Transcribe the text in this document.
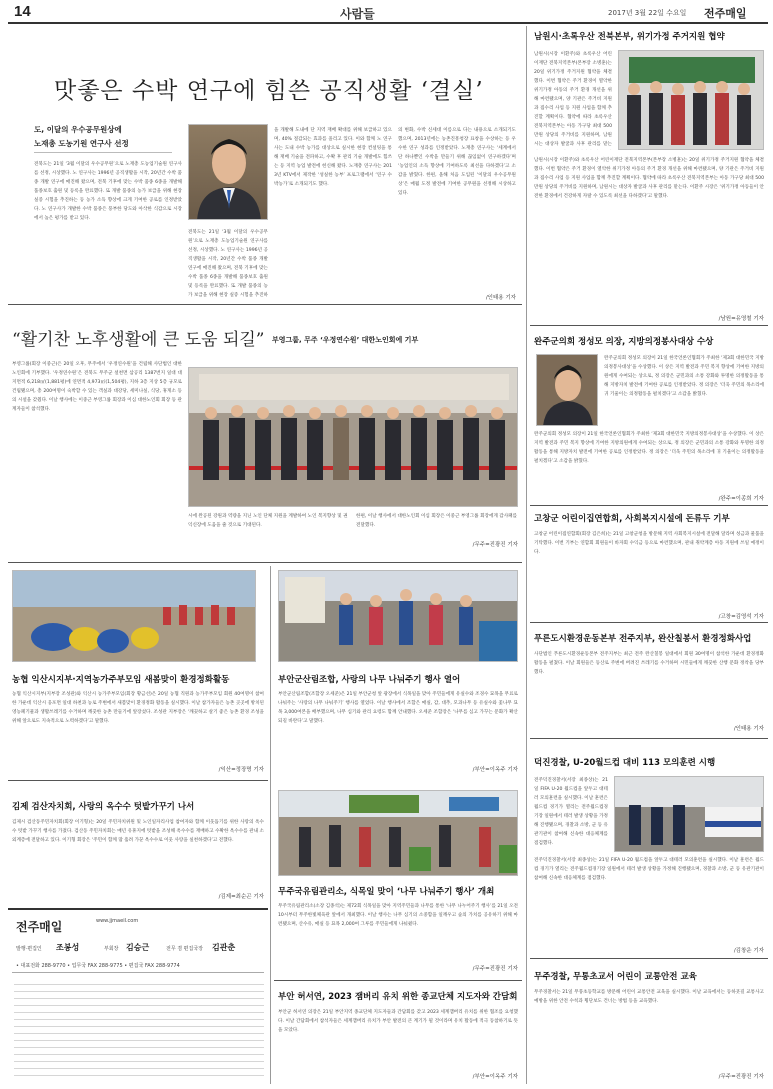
14	사람들	2017년 3월 22일 수요일 전주매일
맛좋은 수박 연구에 힘쓴 공직생활 ‘결실’
도, 이달의 우수공무원상에
노재총 도농기원 연구사 선정
전북도는 21일 ‘3월 이달의 우수공무원’으로 노재총 도농업기술원 연구사를 선정, 시상했다. 노 연구사는 1996년 공직생활을 시작, 20년간 수박 품종 개발 연구에 매진해 왔으며, 전북 기후에 맞는 수박 품종 6종을 개발해 품종보호 출원 및 등록을 완료했다. 또 개발 품종의 농가 보급을 위해 현장 실증 시험을 추진하는 등 농가 소득 향상에 크게 기여한 공로를 인정받았다. 노 연구사가 개발한 수박 품종은 풍부한 당도와 아삭한 식감으로 시장에서 높은 평가를 받고 있다.
전북도는 21일 ‘3월 이달의 우수공무원’으로 노재총 도농업기술원 연구사를 선정, 시상했다. 노 연구사는 1996년 공직생활을 시작, 20년간 수박 품종 개발 연구에 매진해 왔으며, 전북 기후에 맞는 수박 품종 6종을 개발해 품종보호 출원 및 등록을 완료했다. 또 개발 품종의 농가 보급을 위해 현장 실증 시험을 추진하
을 개발해 도내에 단 지역 재배 확대를 위해 보급하고 있으며, 40% 절감되는 효과를 올리고 있다. 이와 함께 노 연구사는 도내 수박 농가를 대상으로 실시한 현장 컨설팅을 통해 재배 기술을 전파하고, 수확 후 관리 기술 개발에도 힘쓰는 등 지역 농업 발전에 헌신해 왔다. 노재총 연구사는 2013년 KTV에서 제작한 ‘성실한 농부’ 프로그램에서 ‘연구 수박농가’로 소개되기도 했다.
의 변화, 수박 신세대 이름으로 다는 내용으로 소개되기도 했으며, 2013년에는 농촌진흥청장 표창을 수상하는 등 우수한 연구 성과를 인정받았다. 노재총 연구사는 ‘세계에서 단 하나뿐인 수박을 만들기 위해 끊임없이 연구하겠다’며 ‘농업인의 소득 향상에 기여하도록 최선을 다하겠다’고 소감을 밝혔다. 한편, 올해 처음 도입된 ‘이달의 우수공무원상’은 매월 도정 발전에 기여한 공무원을 선정해 시상하고 있다.
/인태용 기자
“활기찬 노후생활에 큰 도움 되길” 부영그룹, 무주 ‘우정연수원’ 대한노인회에 기부
부영그룹(회장 이중근)은 20일 오후, 무주에서 ‘우정연수원’을 건립해 사단법인 대한노인회에 기부했다. ‘우정연수원’은 전북도 무주군 설천면 삼공리 1387번지 일대 대지면적 6,218㎡(1,881평)에 연면적 4,973㎡(1,504평), 지하 3층 지상 5층 규모로 건립됐으며, 총 200여명이 숙박할 수 있는 객실과 대강당, 세미나실, 식당, 휴게소 등의 시설을 갖췄다. 이날 행사에는 이중근 부영그룹 회장과 이심 대한노인회 회장 등 관계자들이 참석했다.
시에 완공된 강원과 역량을 지닌 노인 단체 지원을 계발하여 노인 복지향상 및 권익신장에 도움을 줄 것으로 기대된다.
한편, 이날 행사에서 대한노인회 이심 회장은 이중근 부영그룹 회장에게 감사패를 전달했다.
/무주=진광진 기자
농협 익산시지부·지역농가주부모임 새봄맞이 환경정화활동
농협 익산시지부(지부장 조성관)와 익산시 농가주부모임(회장 황금선)은 20일 농협 직원과 농가주부모임 회원 40여명이 참여한 가운데 익산시 웅포면 일대 하천과 농로 주변에서 새봄맞이 환경정화 활동을 실시했다. 이날 참가자들은 농촌 곳곳에 방치된 영농폐기물과 생활쓰레기를 수거하며 깨끗한 농촌 만들기에 앞장섰다. 조성관 지부장은 ‘깨끗하고 살기 좋은 농촌 환경 조성을 위해 앞으로도 지속적으로 노력하겠다’고 말했다.
/익산=정장명 기자
김제 검산자치회, 사랑의 옥수수 텃밭가꾸기 나서
김제시 검산동주민자치회(회장 이기형)는 20일 주민자치위원 및 노인일자리사업 참여자와 함께 이웃돕기를 위한 사랑의 옥수수 텃밭 가꾸기 행사를 가졌다. 검산동 주민자치회는 매년 유휴지에 텃밭을 조성해 옥수수를 재배하고 수확한 옥수수를 관내 소외계층에 전달하고 있다. 이기형 회장은 ‘주민이 함께 땀 흘려 가꾼 옥수수로 이웃 사랑을 실천하겠다’고 전했다.
/김제=최순곤 기자
전주매일	www.jjmaeil.com
발행·편집인 조봉성	부회장 김승근	전무 겸 편집국장 김관춘
• 대표전화 288-9770 • 업무국 FAX 288-9775 • 편집국 FAX 288-9774
부안군산림조합, 사랑의 나무 나눠주기 행사 열어
부안군산림조합(조합장 오세준)은 21일 부안군청 앞 광장에서 식목일을 맞아 주민들에게 유실수와 조경수 묘목을 무료로 나눠주는 ‘사랑의 나무 나눠주기’ 행사를 열었다. 이날 행사에서 조합은 매실, 감, 대추, 모과나무 등 유실수와 꽃나무 묘목 3,000여본을 배부했으며, 나무 심기와 관리 요령도 함께 안내했다. 오세준 조합장은 ‘나무를 심고 가꾸는 문화가 확산되길 바란다’고 말했다.
/부안=이옥주 기자
무주국유림관리소, 식목일 맞이 ‘나무 나눠주기 행사’ 개최
무주국유림관리소(소장 김종석)는 제72회 식목일을 맞아 지역주민들과 나무를 통한 ‘나무 나누어주기 행사’를 21일 오전 10시부터 무주한빛체육관 앞에서 개최했다. 이날 행사는 나무 심기의 소중함을 일깨우고 숲의 가치를 공유하기 위해 마련됐으며, 산수유, 매실 등 묘목 2,000여 그루를 주민들에게 나눠줬다.
/무주=진광진 기자
부안 허서연, 2023 잼버리 유치 위한 종교단체 지도자와 간담회
부안군 허서연 의장은 21일 부안지역 종교단체 지도자들과 간담회를 갖고 2023 세계잼버리 유치를 위한 협조를 요청했다. 이날 간담회에서 참석자들은 세계잼버리 유치가 부안 발전의 큰 계기가 될 것이라며 유치 활동에 적극 동참하기로 뜻을 모았다.
/부안=이옥주 기자
남원시·초록우산 전북본부, 위기가정 주거지원 협약
남원시(시장 이환주)와 초록우산 어린이재단 전북지역본부(본부장 소병훈)는 20일 위기가정 주거지원 협약을 체결했다. 이번 협약은 주거 환경이 열악한 위기가정 아동의 주거 환경 개선을 위해 마련됐으며, 양 기관은 주거비 지원과 집수리 사업 등 지원 사업을 함께 추진할 계획이다. 협약에 따라 초록우산 전북지역본부는 아동 가구당 최대 500만원 상당의 주거비를 지원하며, 남원시는 대상자 발굴과 사후 관리를 맡는
남원시(시장 이환주)와 초록우산 어린이재단 전북지역본부(본부장 소병훈)는 20일 위기가정 주거지원 협약을 체결했다. 이번 협약은 주거 환경이 열악한 위기가정 아동의 주거 환경 개선을 위해 마련됐으며, 양 기관은 주거비 지원과 집수리 사업 등 지원 사업을 함께 추진할 계획이다. 협약에 따라 초록우산 전북지역본부는 아동 가구당 최대 500만원 상당의 주거비를 지원하며, 남원시는 대상자 발굴과 사후 관리를 맡는다. 이환주 시장은 ‘위기가정 아동들이 안전한 환경에서 건강하게 자랄 수 있도록 최선을 다하겠다’고 말했다.
/남원=유영철 기자
완주군의회 정성모 의장, 지방의정봉사대상 수상
완주군의회 정성모 의장이 21일 한국언론인협회가 주최한 ‘제3회 대한민국 지방의정봉사대상’을 수상했다. 이 상은 지역 발전과 주민 복지 향상에 기여한 지방의원에게 수여되는 상으로, 정 의장은 군민과의 소통 강화와 투명한 의정활동을 통해 지방자치 발전에 기여한 공로를 인정받았다. 정 의장은 ‘더욱 주민의 목소리에 귀 기울이는 의정활동을 펼치겠다’고 소감을 밝혔다.
완주군의회 정성모 의장이 21일 한국언론인협회가 주최한 ‘제3회 대한민국 지방의정봉사대상’을 수상했다. 이 상은 지역 발전과 주민 복지 향상에 기여한 지방의원에게 수여되는 상으로, 정 의장은 군민과의 소통 강화와 투명한 의정활동을 통해 지방자치 발전에 기여한 공로를 인정받았다. 정 의장은 ‘더욱 주민의 목소리에 귀 기울이는 의정활동을 펼치겠다’고 소감을 밝혔다.
/완주=이종희 기자
고창군 어린이집연합회, 사회복지시설에 돈류두 기부
고창군 어린이집연합회(회장 김은희)는 21일 고창군청을 방문해 지역 사회복지시설에 전달해 달라며 성금과 물품을 기탁했다. 이번 기부는 연합회 회원들이 바자회 수익금 등으로 마련했으며, 관내 취약계층 아동 지원에 쓰일 예정이다.
/고창=김영석 기자
푸른도시환경운동본부 전주지부, 완산칠봉서 환경정화사업
사단법인 푸른도시환경운동본부 전주지부는 최근 전주 완산칠봉 일대에서 회원 30여명이 참석한 가운데 환경정화 활동을 펼쳤다. 이날 회원들은 등산로 주변에 버려진 쓰레기를 수거하며 시민들에게 깨끗한 산행 문화 정착을 당부했다.
/인태용 기자
덕진경찰, U-20월드컵 대비 113 모의훈련 시행
전주덕진경찰서(서장 최종상)는 21일 FIFA U-20 월드컵을 앞두고 대테러 모의훈련을 실시했다. 이날 훈련은 월드컵 경기가 열리는 전주월드컵경기장 일원에서 테러 발생 상황을 가정해 진행됐으며, 경찰과 소방, 군 등 유관기관이 참여해 신속한 대응체계를 점검했다.
전주덕진경찰서(서장 최종상)는 21일 FIFA U-20 월드컵을 앞두고 대테러 모의훈련을 실시했다. 이날 훈련은 월드컵 경기가 열리는 전주월드컵경기장 일원에서 테러 발생 상황을 가정해 진행됐으며, 경찰과 소방, 군 등 유관기관이 참여해 신속한 대응체계를 점검했다.
/김창운 기자
무주경찰, 무통초교서 어린이 교통안전 교육
무주경찰서는 21일 무풍초등학교를 방문해 어린이 교통안전 교육을 실시했다. 이날 교육에서는 등하굣길 교통사고 예방을 위한 안전 수칙과 횡단보도 건너는 방법 등을 교육했다.
/무주=진광진 기자
